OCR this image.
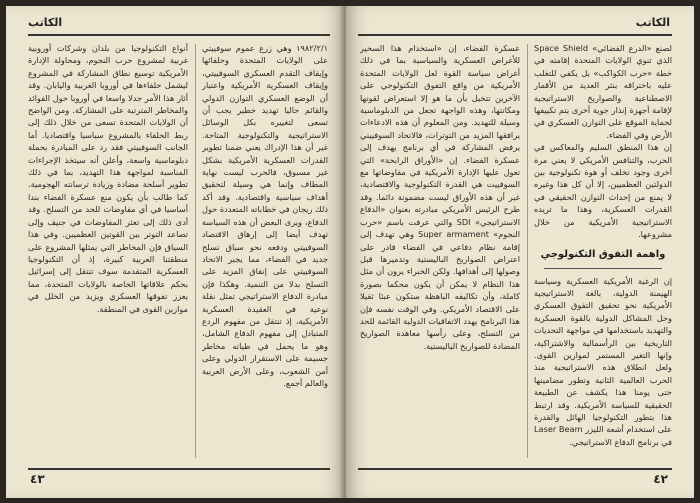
الكاتب

١٩٨٢/٢/١ وهي زرع عموم سوفييتي على الولايات المتحدة وحلفائها وإيقاف التقدم العسكري السوفييتي، وإيقاف العسكرية الأمريكية واعتبار أن الوضع العسكري التوازن الدولي والقائم حاليا تهديد خطير يجب أن تسعى لتغييره بكل الوسائل الاستراتيجية والتكنولوجية المتاحة. غير أن هذا الإدراك يعني ضمنا تطوير القدرات العسكرية الأمريكية بشكل غير مسبوق، فالحرب ليست نهاية المطاف وإنما هي وسيلة لتحقيق أهداف سياسية واقتصادية. وقد أكد ذلك ريجان في خطاباته المتعددة حول الدفاع، ويرى البعض أن هذه السياسة تهدف أيضا إلى إرهاق الاقتصاد السوفييتي ودفعه نحو سباق تسلح جديد في الفضاء، مما يجبر الاتحاد السوفييتي على إنفاق المزيد على التسلح بدلا من التنمية. وهكذا فإن مبادرة الدفاع الاستراتيجي تمثل نقلة نوعية في العقيدة العسكرية الأمريكية، إذ تنتقل من مفهوم الردع المتبادل إلى مفهوم الدفاع الشامل، وهو ما يحمل في طياته مخاطر جسيمة على الاستقرار الدولي وعلى أمن الشعوب، وعلى الأرض العربية والعالم أجمع.

أنواع التكنولوجيا من بلدان وشركات أوروبية غربية لمشروع حرب النجوم، ومحاولة الإدارة الأمريكية توسيع نطاق المشاركة في المشروع ليشمل حلفاءها في أوروبا الغربية واليابان. وقد أثار هذا الأمر جدلا واسعا في أوروبا حول الفوائد والمخاطر المترتبة على المشاركة. ومن الواضح أن الولايات المتحدة تسعى من خلال ذلك إلى ربط الحلفاء بالمشروع سياسيا واقتصاديا. أما الجانب السوفييتي فقد رد على المبادرة بحملة دبلوماسية واسعة، وأعلن أنه سيتخذ الإجراءات المناسبة لمواجهة هذا التهديد، بما في ذلك تطوير أسلحة مضادة وزيادة ترسانته الهجومية. كما طالب بأن يكون منع عسكرة الفضاء بندا أساسيا في أي مفاوضات للحد من التسلح. وقد أدى ذلك إلى تعثر المفاوضات في جنيف وإلى تصاعد التوتر بين القوتين العظميين. وفي هذا السياق فإن المخاطر التي يمثلها المشروع على منطقتنا العربية كبيرة، إذ أن التكنولوجيا العسكرية المتقدمة سوف تنتقل إلى إسرائيل بحكم علاقاتها الخاصة بالولايات المتحدة، مما يعزز تفوقها العسكري ويزيد من الخلل في موازين القوى في المنطقة.

٤٣
الكاتب

لصنع «الدرع الفضائي» Space Shield الذي تنوي الولايات المتحدة إقامته في خطة «حرب الكواكب» بل يكفي للتغلب عليه باختراقه بنثر العديد من الأقمار الاصطناعية والصواريخ الاستراتيجية لإقامة أجهزة إنذار جوية أخرى يتم تكييفها لحماية الموقع على التوازن العسكري في الأرض وفي الفضاء.
إن هذا المنطق السليم والمعاكس في الحرب، والتنافس الأمريكي لا يعني مرة أخرى وجود تخلف أو هوة تكنولوجية بين الدولتين العظميين، إلا أن كل هذا وغيره لا يمنع من إحداث التوازن الحقيقي في القدرات العسكرية، وهذا ما تريده الاستراتيجية الأمريكية من خلال مشروعها.

واهمة التفوق التكنولوجي

إن الرغبة الأمريكية العسكرية وسياسة الهيمنة الدولية، بالغة الاستراتيجية الأمريكية نحو تحقيق التفوق العسكري وحل المشاكل الدولية بالقوة العسكرية والتهديد باستخدامها في مواجهة التحديات التاريخية بين الرأسمالية والاشتراكية، وإنها التغير المستمر لموازين القوى. ولعل انطلاق هذه الاستراتيجية منذ الحرب العالمية الثانية وتطور مضامينها حتى يومنا هذا يكشف عن الطبيعة الحقيقية للسياسة الأمريكية. وقد ارتبط هذا بتطور التكنولوجيا الهائل والقدرة على استخدام أشعة الليزر Laser Beam في برنامج الدفاع الاستراتيجي.

عسكرة الفضاء، إن «استخدام هذا السخير للأغراض العسكرية والسياسية بما في ذلك أغراض سياسة القوة لعل الولايات المتحدة الأمريكية من واقع التفوق التكنولوجي على الآخرين تتخيل بأن ما هو إلا استعراض لقوتها ومكانتها، وهذه الواجهة تجعل من الدبلوماسية وسيلة للتهديد. ومن المعلوم أن هذه الادعاءات يرافقها المزيد من التوترات، فالاتحاد السوفييتي يرفض المشاركة في أي برنامج يهدف إلى عسكرة الفضاء. إن «الأوراق الرابحة» التي تعول عليها الإدارة الأمريكية في مفاوضاتها مع السوفييت هي القدرة التكنولوجية والاقتصادية، غير أن هذه الأوراق ليست مضمونة دائما. وقد طرح الرئيس الأمريكي مبادرته بعنوان «الدفاع الاستراتيجي» SDI والتي عرفت باسم «حرب النجوم» Super armament وهي تهدف إلى إقامة نظام دفاعي في الفضاء قادر على اعتراض الصواريخ الباليستية وتدميرها قبل وصولها إلى أهدافها. ولكن الخبراء يرون أن مثل هذا النظام لا يمكن أن يكون محكما بصورة كاملة، وأن تكاليفه الباهظة ستكون عبئا ثقيلا على الاقتصاد الأمريكي. وفي الوقت نفسه فإن هذا البرنامج يهدد الاتفاقيات الدولية القائمة للحد من التسلح، وعلى رأسها معاهدة الصواريخ المضادة للصواريخ الباليستية.

٤٢
